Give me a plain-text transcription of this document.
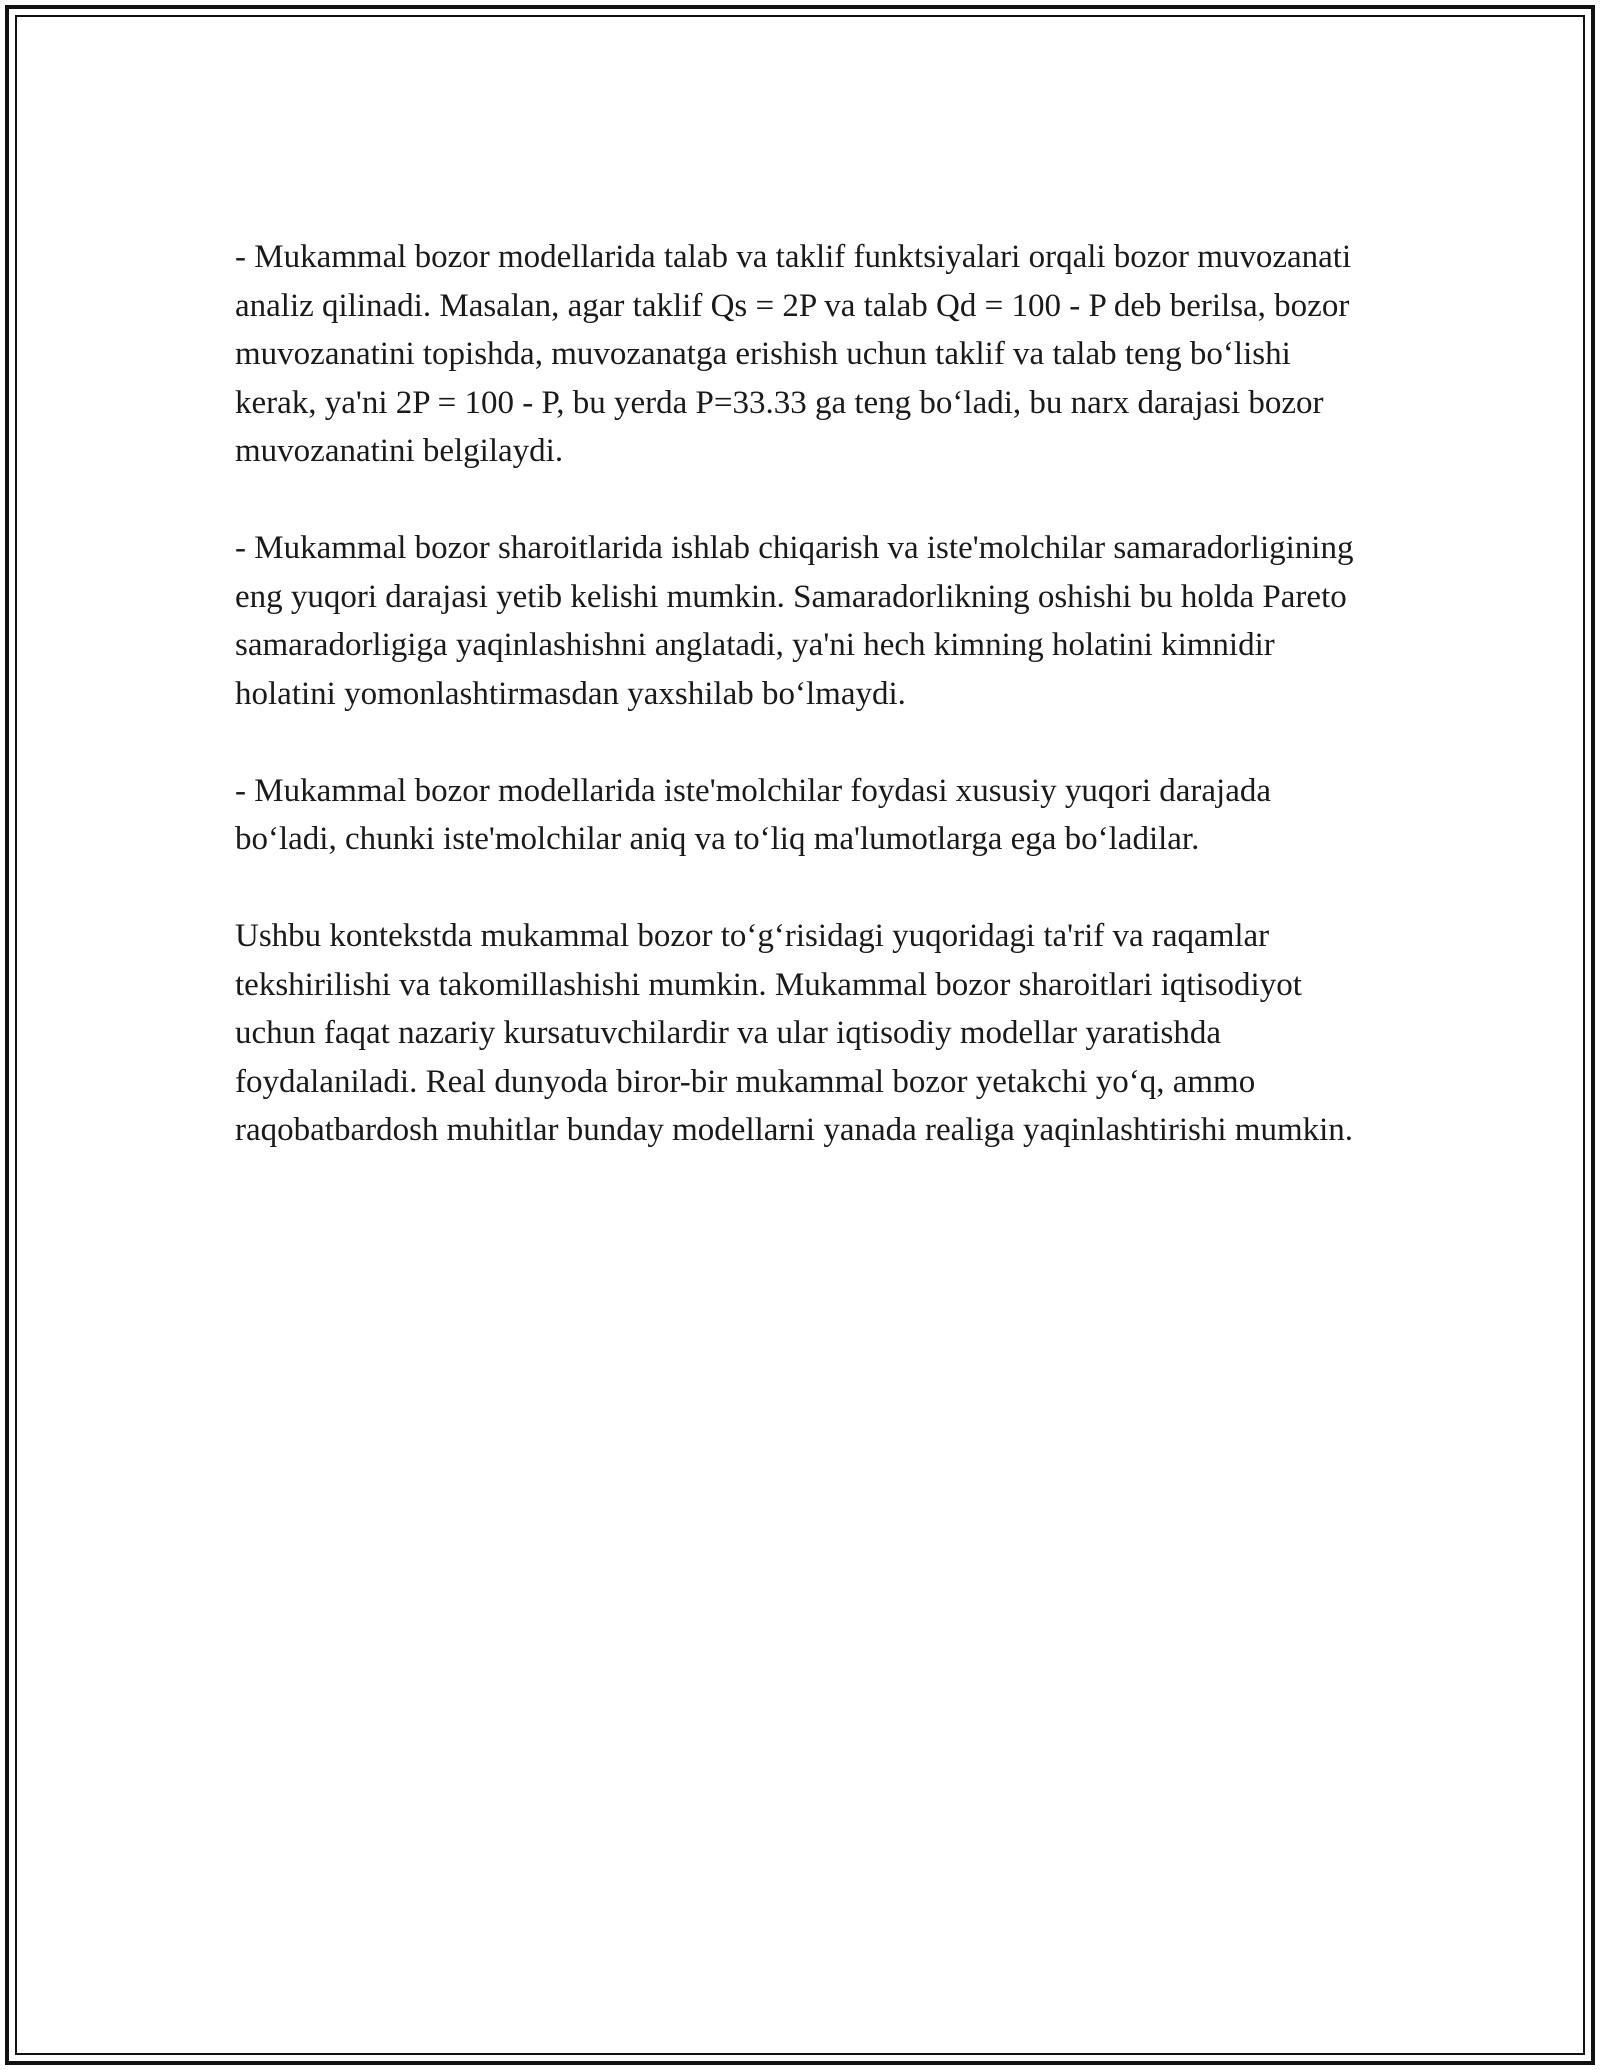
- Mukammal bozor modellarida talab va taklif funktsiyalari orqali bozor muvozanati analiz qilinadi. Masalan, agar taklif Qs = 2P va talab Qd = 100 - P deb berilsa, bozor muvozanatini topishda, muvozanatga erishish uchun taklif va talab teng bo‘lishi kerak, ya'ni 2P = 100 - P, bu yerda P=33.33 ga teng bo‘ladi, bu narx darajasi bozor muvozanatini belgilaydi.

- Mukammal bozor sharoitlarida ishlab chiqarish va iste'molchilar samaradorligining eng yuqori darajasi yetib kelishi mumkin. Samaradorlikning oshishi bu holda Pareto samaradorligiga yaqinlashishni anglatadi, ya'ni hech kimning holatini kimnidir holatini yomonlashtirmasdan yaxshilab bo‘lmaydi.

- Mukammal bozor modellarida iste'molchilar foydasi xususiy yuqori darajada bo‘ladi, chunki iste'molchilar aniq va to‘liq ma'lumotlarga ega bo‘ladilar.

Ushbu kontekstda mukammal bozor to‘g‘risidagi yuqoridagi ta'rif va raqamlar tekshirilishi va takomillashishi mumkin. Mukammal bozor sharoitlari iqtisodiyot uchun faqat nazariy kursatuvchilardir va ular iqtisodiy modellar yaratishda foydalaniladi. Real dunyoda biror-bir mukammal bozor yetakchi yo‘q, ammo raqobatbardosh muhitlar bunday modellarni yanada realiga yaqinlashtirishi mumkin.
